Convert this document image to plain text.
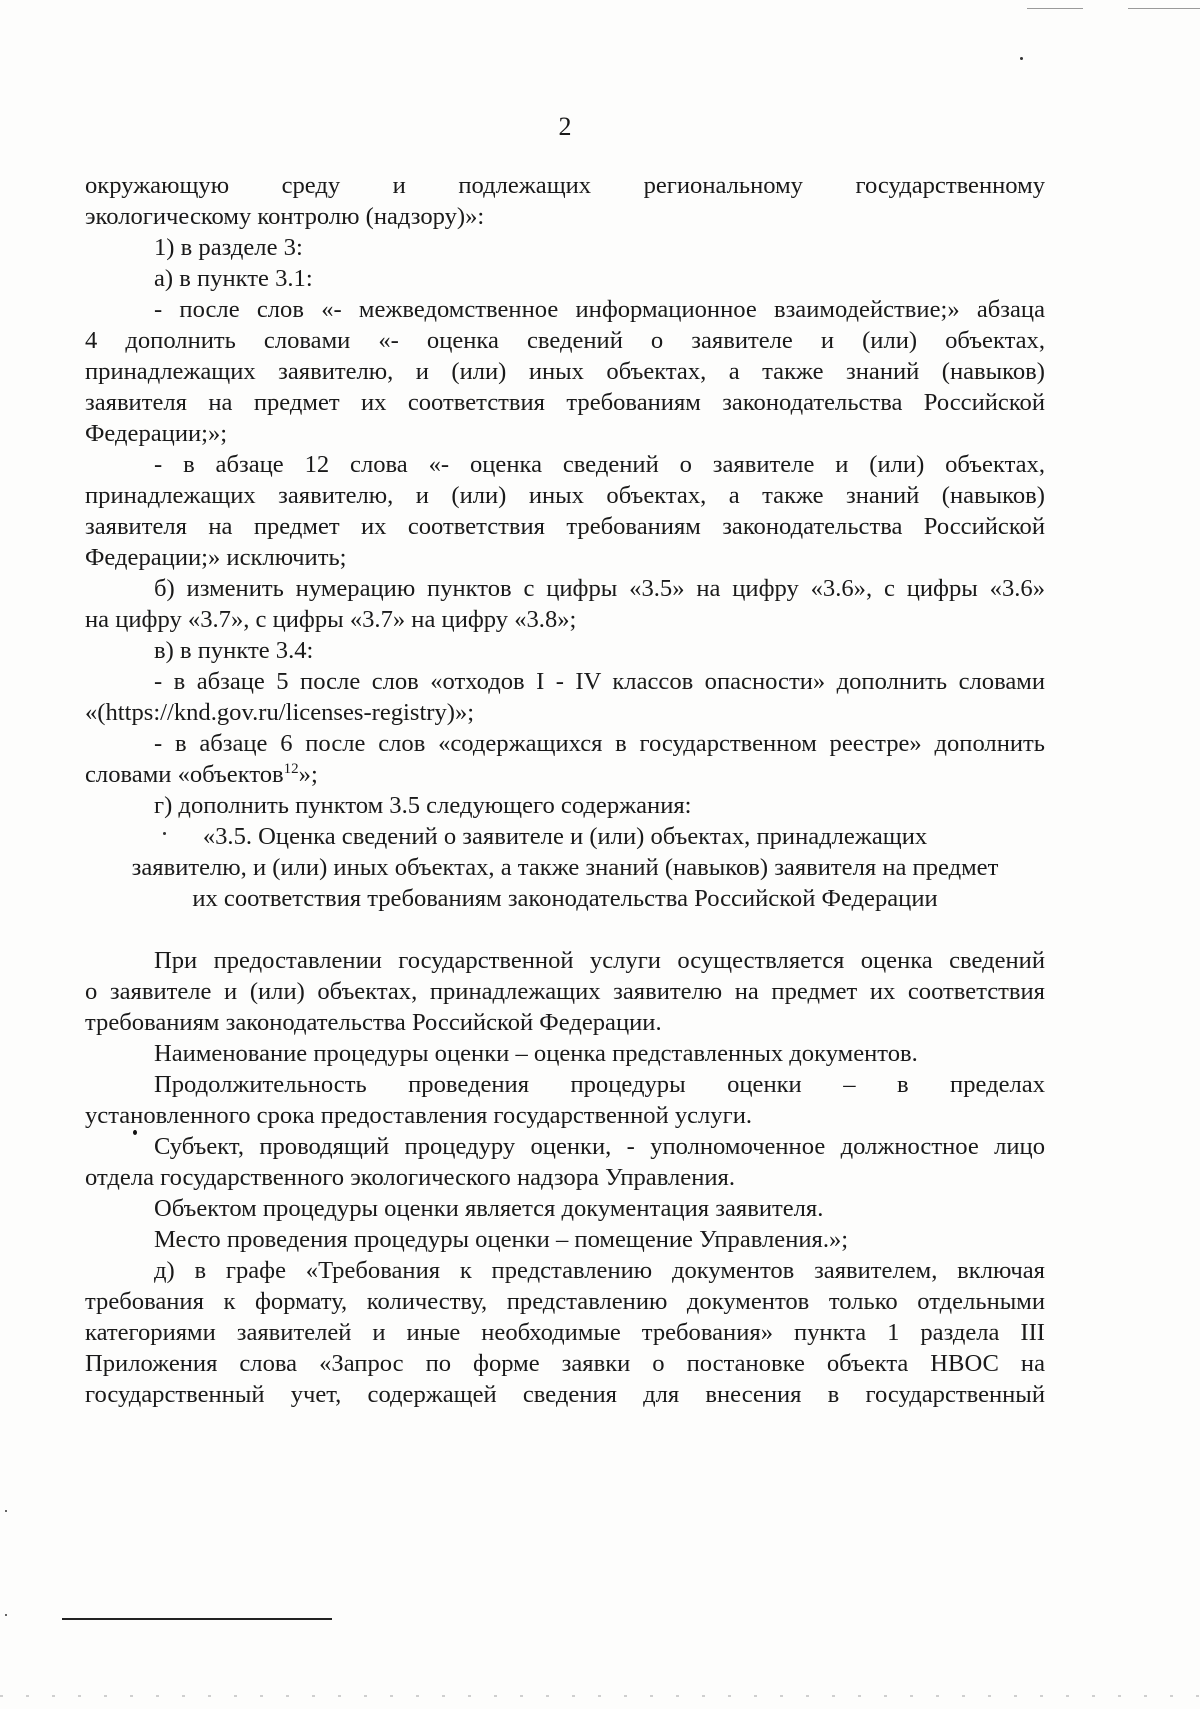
2

окружающую среду и подлежащих региональному государственному

экологическому контролю (надзору)»:

1) в разделе 3:

а) в пункте 3.1:

- после слов «- межведомственное информационное взаимодействие;» абзаца

4 дополнить словами «- оценка сведений о заявителе и (или) объектах,

принадлежащих заявителю, и (или) иных объектах, а также знаний (навыков)

заявителя на предмет их соответствия требованиям законодательства Российской

Федерации;»;

- в абзаце 12 слова «- оценка сведений о заявителе и (или) объектах,

принадлежащих заявителю, и (или) иных объектах, а также знаний (навыков)

заявителя на предмет их соответствия требованиям законодательства Российской

Федерации;» исключить;

б) изменить нумерацию пунктов с цифры «3.5» на цифру «3.6», с цифры «3.6»

на цифру «3.7», с цифры «3.7» на цифру «3.8»;

в) в пункте 3.4:

- в абзаце 5 после слов «отходов I - IV классов опасности» дополнить словами

«(https://knd.gov.ru/licenses-registry)»;

- в абзаце 6 после слов «содержащихся в государственном реестре» дополнить

словами «объектов$^{12}$»;

г) дополнить пунктом 3.5 следующего содержания:

«3.5. Оценка сведений о заявителе и (или) объектах, принадлежащих

заявителю, и (или) иных объектах, а также знаний (навыков) заявителя на предмет

их соответствия требованиям законодательства Российской Федерации

При предоставлении государственной услуги осуществляется оценка сведений

о заявителе и (или) объектах, принадлежащих заявителю на предмет их соответствия

требованиям законодательства Российской Федерации.

Наименование процедуры оценки – оценка представленных документов.

Продолжительность проведения процедуры оценки – в пределах

установленного срока предоставления государственной услуги.

Субъект, проводящий процедуру оценки, - уполномоченное должностное лицо

отдела государственного экологического надзора Управления.

Объектом процедуры оценки является документация заявителя.

Место проведения процедуры оценки – помещение Управления.»;

д) в графе «Требования к представлению документов заявителем, включая

требования к формату, количеству, представлению документов только отдельными

категориями заявителей и иные необходимые требования» пункта 1 раздела III

Приложения слова «Запрос по форме заявки о постановке объекта НВОС на

государственный учет, содержащей сведения для внесения в государственный
